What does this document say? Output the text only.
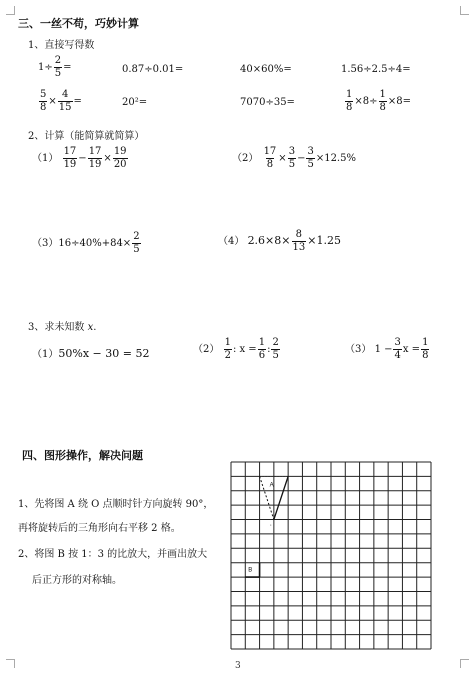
三、一丝不苟，巧妙计算
1、直接写得数
$1\div \frac{2}{5}$ =	0.87÷0.01=	40×60%=	1.56÷2.5÷4=
$\frac{5}{8} \times \frac{4}{15}$ =	20²=	7070÷35=	$\frac{1}{8} \times 8\div \frac{1}{8} \times 8=$
2、计算（能简算就简算）
$(1) \frac{17}{19} - \frac{17}{19} \times \frac{19}{20}$	$(2) \frac{17}{8} \times \frac{3}{5} - \frac{3}{5} \times 12.5\%$
$(3)16\div 40\%+84\times \frac{2}{5}$	（4） $2.6\times 8\times \frac{8}{13} \times 1.25$
3、求未知数 x.
（1）50%x − 30 = 52	$(2) \frac{1}{2}$ : $x = \frac{1}{6}$ : $\frac{2}{5}$	（3） $1 - \frac{3}{4}$ $x = \frac{1}{8}$
四、图形操作，解决问题
1、先将图 A 绕 O 点顺时针方向旋转 90°，
再将旋转后的三角形向右平移 2 格。
2、将图 B 按 1：3 的比放大，并画出放大
后正方形的对称轴。
·
A
B
3
